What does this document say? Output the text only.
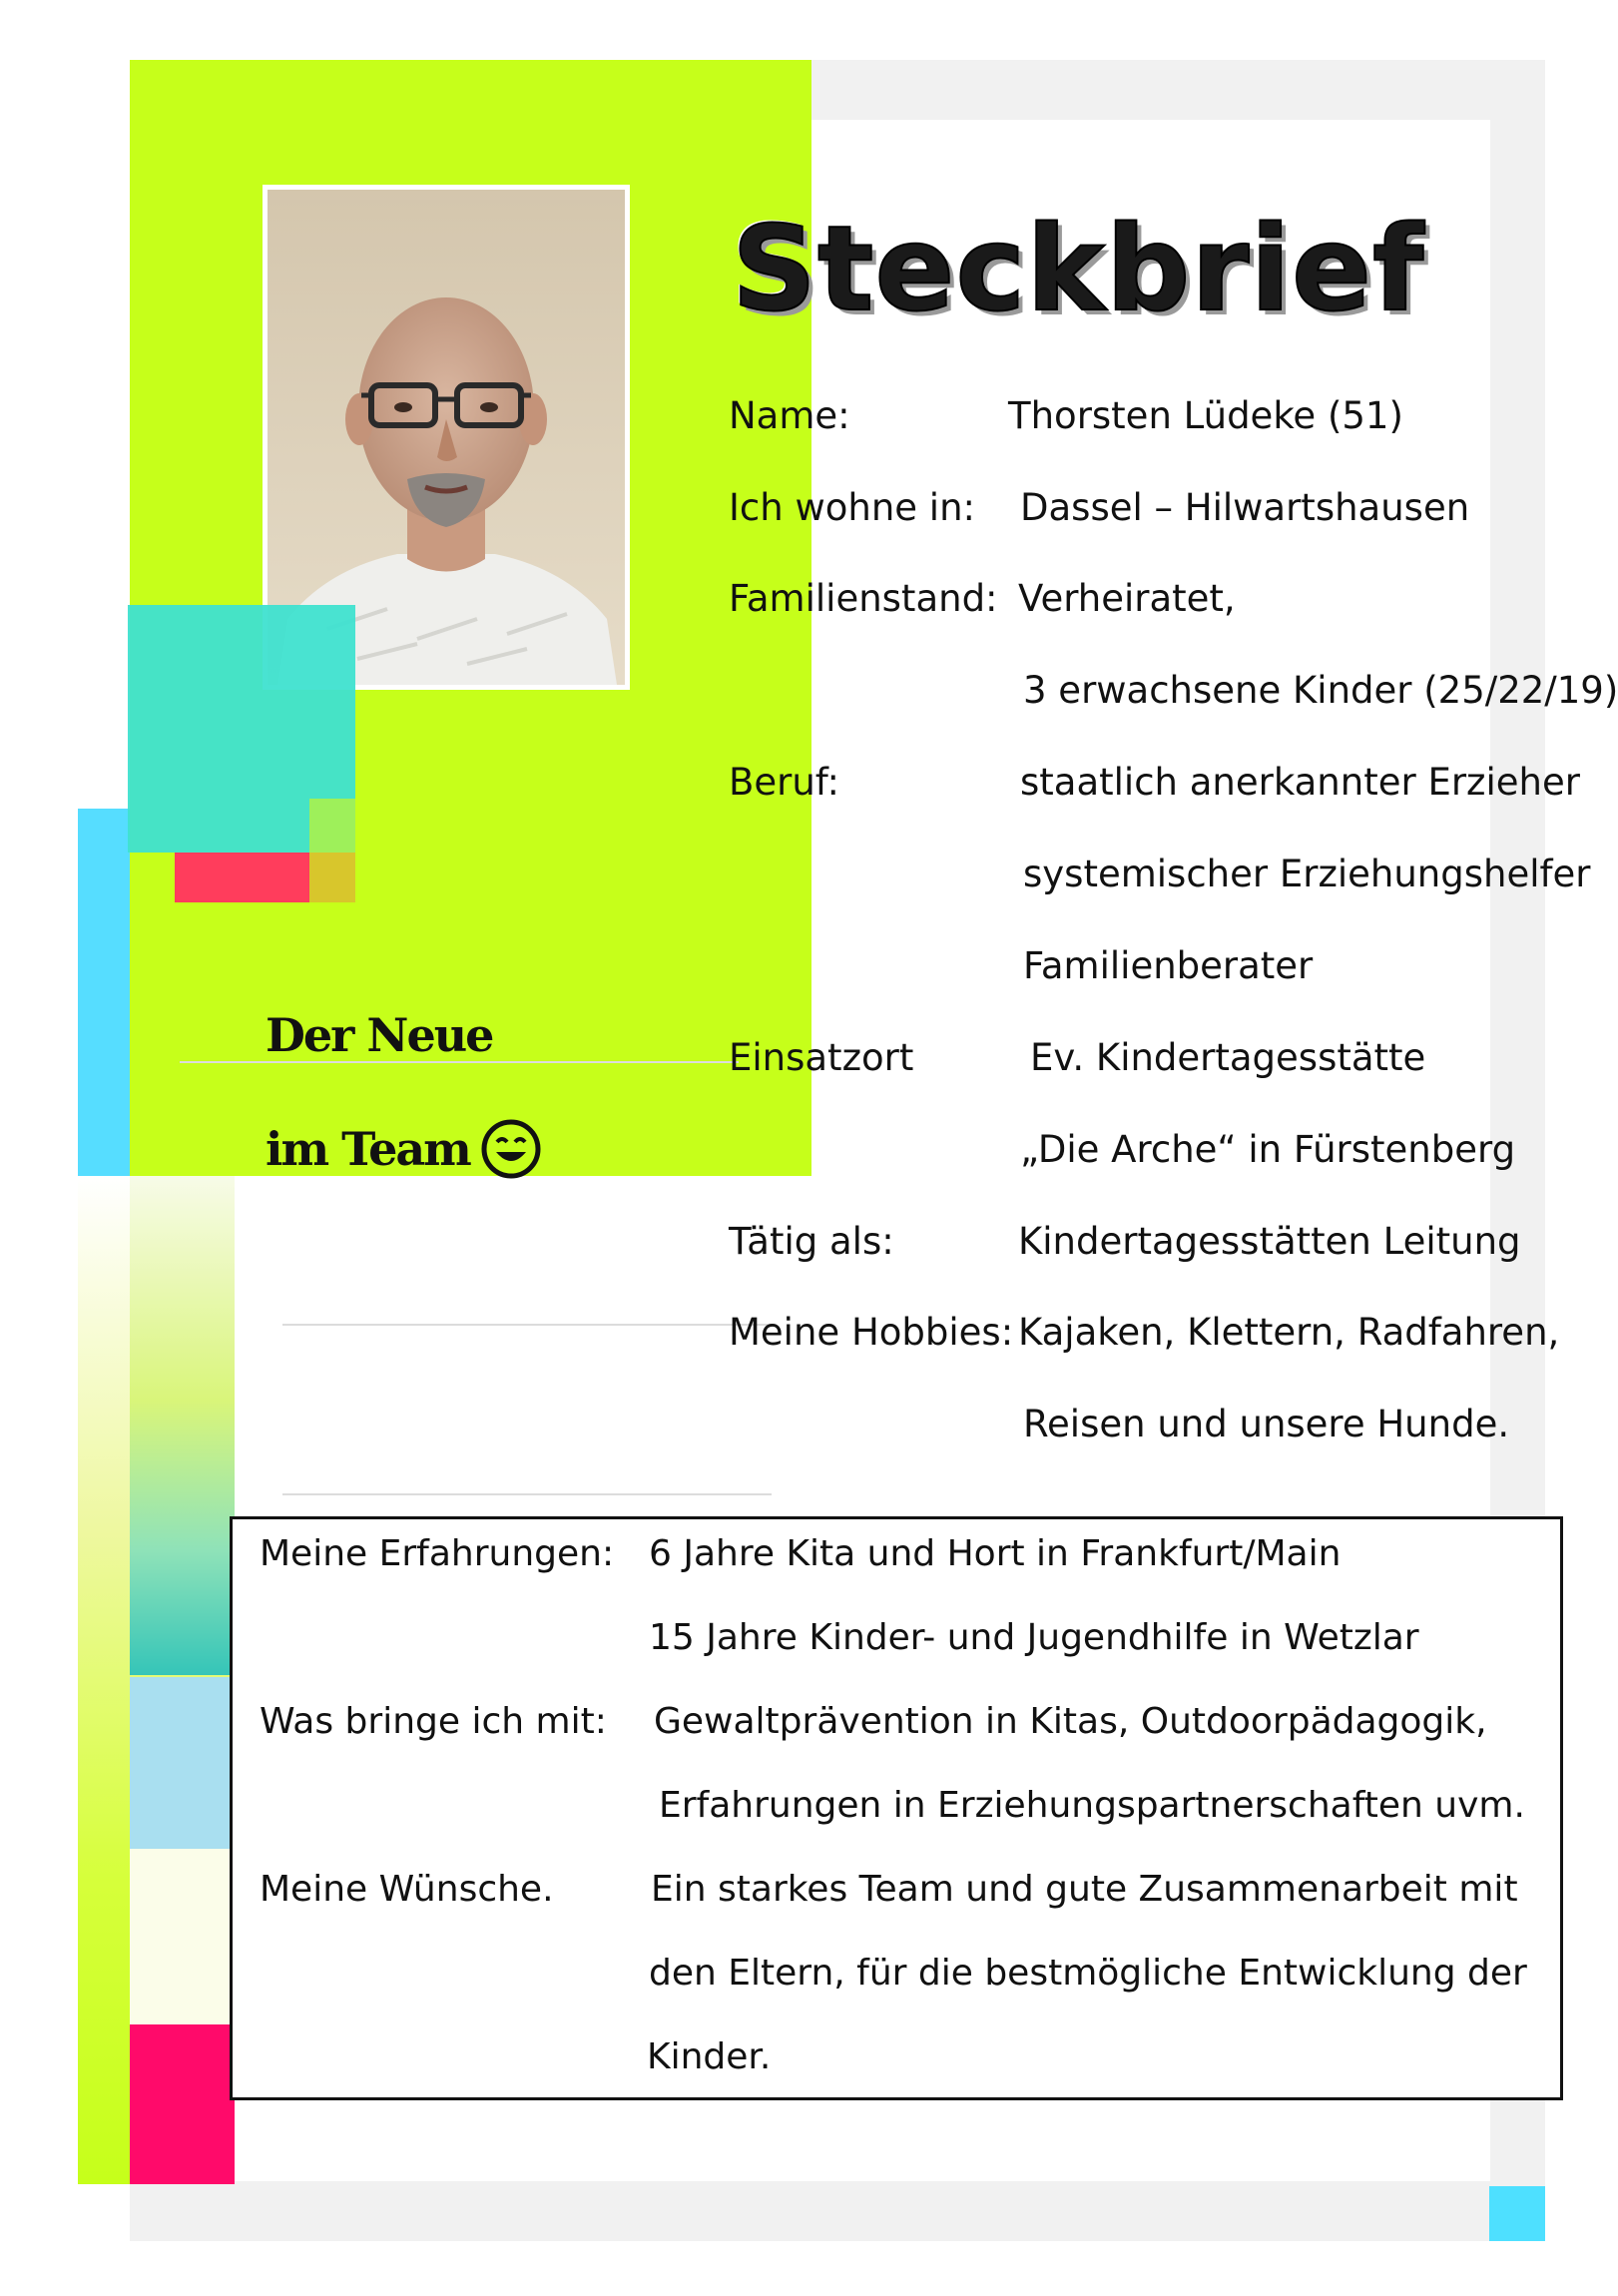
Der Neue
im Team
Steckbrief
Name:	Thorsten Lüdeke (51)
Ich wohne in: Dassel – Hilwartshausen
Familienstand: Verheiratet,
3 erwachsene Kinder (25/22/19)
Beruf:	staatlich anerkannter Erzieher
systemischer Erziehungshelfer
Familienberater
Einsatzort	Ev. Kindertagesstätte
„Die Arche“ in Fürstenberg
Tätig als:	Kindertagesstätten Leitung
Meine Hobbies: Kajaken, Klettern, Radfahren,
Reisen und unsere Hunde.
Meine Erfahrungen: 6 Jahre Kita und Hort in Frankfurt/Main
15 Jahre Kinder- und Jugendhilfe in Wetzlar
Was bringe ich mit: Gewaltprävention in Kitas, Outdoorpädagogik,
Erfahrungen in Erziehungspartnerschaften uvm.
Meine Wünsche.	Ein starkes Team und gute Zusammenarbeit mit
den Eltern, für die bestmögliche Entwicklung der
Kinder.
